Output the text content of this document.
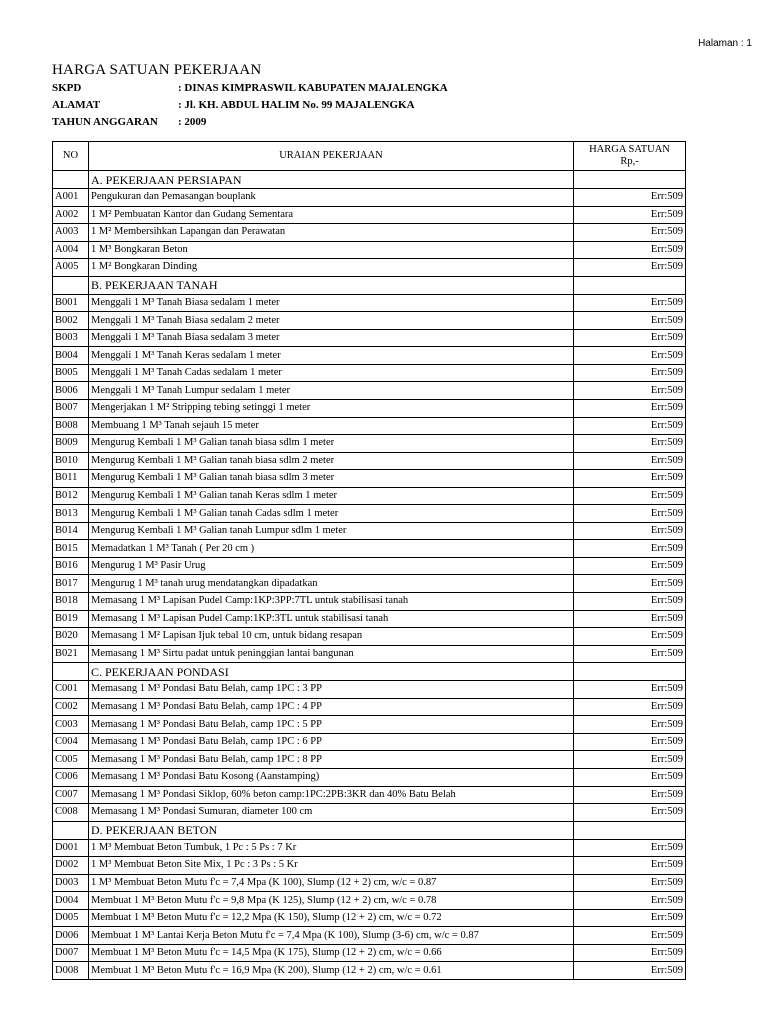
Halaman : 1
HARGA SATUAN PEKERJAAN
SKPD	: DINAS KIMPRASWIL KABUPATEN MAJALENGKA
ALAMAT	: Jl. KH. ABDUL HALIM No. 99 MAJALENGKA
TAHUN ANGGARAN : 2009
NO	URAIAN PEKERJAAN	HARGA SATUAN
Rp,-
	A. PEKERJAAN PERSIAPAN	
A001	Pengukuran dan Pemasangan bouplank	Err:509
A002	1 M² Pembuatan Kantor dan Gudang Sementara	Err:509
A003	1 M² Membersihkan Lapangan dan Perawatan	Err:509
A004	1 M³ Bongkaran Beton	Err:509
A005	1 M² Bongkaran Dinding	Err:509
	B. PEKERJAAN TANAH	
B001	Menggali 1 M³ Tanah Biasa sedalam 1 meter	Err:509
B002	Menggali 1 M³ Tanah Biasa sedalam 2 meter	Err:509
B003	Menggali 1 M³ Tanah Biasa sedalam 3 meter	Err:509
B004	Menggali 1 M³ Tanah Keras sedalam 1 meter	Err:509
B005	Menggali 1 M³ Tanah Cadas sedalam 1 meter	Err:509
B006	Menggali 1 M³ Tanah Lumpur sedalam 1 meter	Err:509
B007	Mengerjakan 1 M² Stripping tebing setinggi 1 meter	Err:509
B008	Membuang 1 M³ Tanah sejauh 15 meter	Err:509
B009	Mengurug Kembali 1 M³ Galian tanah biasa sdlm 1 meter	Err:509
B010	Mengurug Kembali 1 M³ Galian tanah biasa sdlm 2 meter	Err:509
B011	Mengurug Kembali 1 M³ Galian tanah biasa sdlm 3 meter	Err:509
B012	Mengurug Kembali 1 M³ Galian tanah Keras sdlm 1 meter	Err:509
B013	Mengurug Kembali 1 M³ Galian tanah Cadas sdlm 1 meter	Err:509
B014	Mengurug Kembali 1 M³ Galian tanah Lumpur sdlm 1 meter	Err:509
B015	Memadatkan 1 M³ Tanah ( Per 20 cm )	Err:509
B016	Mengurug 1 M³ Pasir Urug	Err:509
B017	Mengurug 1 M³ tanah urug mendatangkan dipadatkan	Err:509
B018	Memasang 1 M³ Lapisan Pudel Camp:1KP:3PP:7TL untuk stabilisasi tanah	Err:509
B019	Memasang 1 M³ Lapisan Pudel Camp:1KP:3TL untuk stabilisasi tanah	Err:509
B020	Memasang 1 M² Lapisan Ijuk tebal 10 cm, untuk bidang resapan	Err:509
B021	Memasang 1 M³ Sirtu padat untuk peninggian lantai bangunan	Err:509
	C. PEKERJAAN PONDASI	
C001	Memasang 1 M³ Pondasi Batu Belah, camp 1PC : 3 PP	Err:509
C002	Memasang 1 M³ Pondasi Batu Belah, camp 1PC : 4 PP	Err:509
C003	Memasang 1 M³ Pondasi Batu Belah, camp 1PC : 5 PP	Err:509
C004	Memasang 1 M³ Pondasi Batu Belah, camp 1PC : 6 PP	Err:509
C005	Memasang 1 M³ Pondasi Batu Belah, camp 1PC : 8 PP	Err:509
C006	Memasang 1 M³ Pondasi Batu Kosong (Aanstamping)	Err:509
C007	Memasang 1 M³ Pondasi Siklop, 60% beton camp:1PC:2PB:3KR dan 40% Batu Belah	Err:509
C008	Memasang 1 M³ Pondasi Sumuran, diameter 100 cm	Err:509
	D. PEKERJAAN BETON	
D001	1 M³ Membuat Beton Tumbuk, 1 Pc : 5 Ps : 7 Kr	Err:509
D002	1 M³ Membuat Beton Site Mix, 1 Pc : 3 Ps : 5 Kr	Err:509
D003	1 M³ Membuat Beton Mutu f'c = 7,4 Mpa (K 100), Slump (12 + 2) cm, w/c = 0.87	Err:509
D004	Membuat 1 M³ Beton Mutu f'c = 9,8 Mpa (K 125), Slump (12 + 2) cm, w/c = 0.78	Err:509
D005	Membuat 1 M³ Beton Mutu f'c = 12,2 Mpa (K 150), Slump (12 + 2) cm, w/c = 0.72	Err:509
D006	Membuat 1 M³ Lantai Kerja Beton Mutu f'c = 7,4 Mpa (K 100), Slump (3-6) cm, w/c = 0.87	Err:509
D007	Membuat 1 M³ Beton Mutu f'c = 14,5 Mpa (K 175), Slump (12 + 2) cm, w/c = 0.66	Err:509
D008	Membuat 1 M³ Beton Mutu f'c = 16,9 Mpa (K 200), Slump (12 + 2) cm, w/c = 0.61	Err:509
